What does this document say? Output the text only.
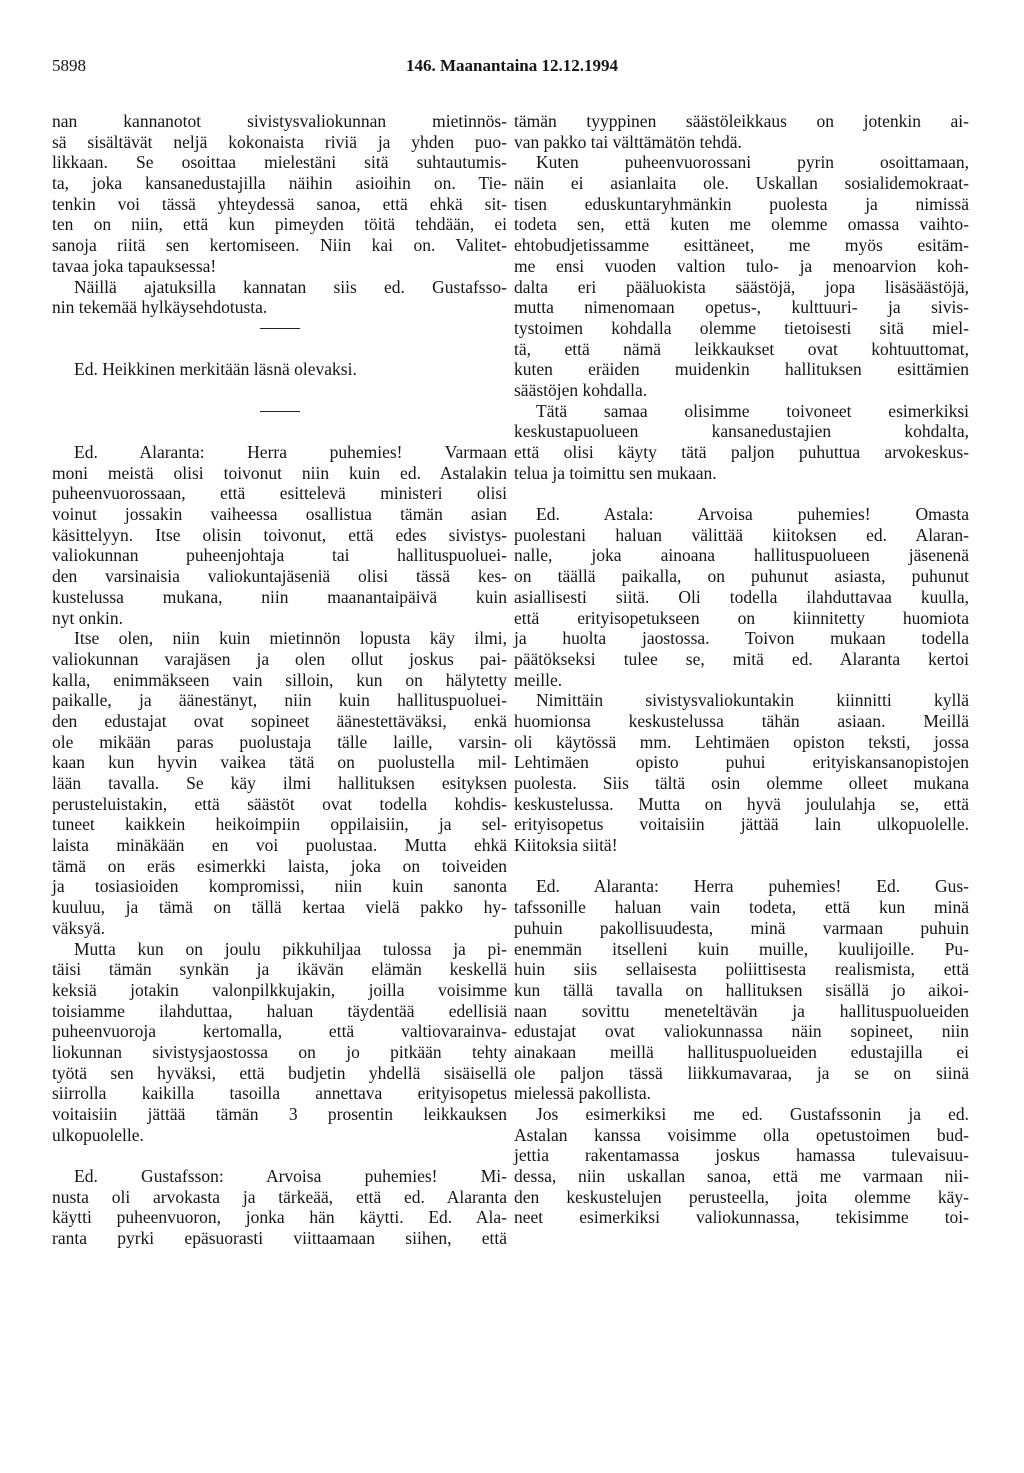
5898	146. Maanantaina 12.12.1994
nan kannanotot sivistysvaliokunnan mietinnös-
sä sisältävät neljä kokonaista riviä ja yhden puo-
likkaan. Se osoittaa mielestäni sitä suhtautumis-
ta, joka kansanedustajilla näihin asioihin on. Tie-
tenkin voi tässä yhteydessä sanoa, että ehkä sit-
ten on niin, että kun pimeyden töitä tehdään, ei
sanoja riitä sen kertomiseen. Niin kai on. Valitet-
tavaa joka tapauksessa!
Näillä ajatuksilla kannatan siis ed. Gustafsso-
nin tekemää hylkäysehdotusta.
Ed. Heikkinen merkitään läsnä olevaksi.
Ed. Alaranta: Herra puhemies! Varmaan
moni meistä olisi toivonut niin kuin ed. Astalakin
puheenvuorossaan, että esittelevä ministeri olisi
voinut jossakin vaiheessa osallistua tämän asian
käsittelyyn. Itse olisin toivonut, että edes sivistys-
valiokunnan puheenjohtaja tai hallituspuoluei-
den varsinaisia valiokuntajäseniä olisi tässä kes-
kustelussa mukana, niin maanantaipäivä kuin
nyt onkin.
Itse olen, niin kuin mietinnön lopusta käy ilmi,
valiokunnan varajäsen ja olen ollut joskus pai-
kalla, enimmäkseen vain silloin, kun on hälytetty
paikalle, ja äänestänyt, niin kuin hallituspuoluei-
den edustajat ovat sopineet äänestettäväksi, enkä
ole mikään paras puolustaja tälle laille, varsin-
kaan kun hyvin vaikea tätä on puolustella mil-
lään tavalla. Se käy ilmi hallituksen esityksen
perusteluistakin, että säästöt ovat todella kohdis-
tuneet kaikkein heikoimpiin oppilaisiin, ja sel-
laista minäkään en voi puolustaa. Mutta ehkä
tämä on eräs esimerkki laista, joka on toiveiden
ja tosiasioiden kompromissi, niin kuin sanonta
kuuluu, ja tämä on tällä kertaa vielä pakko hy-
väksyä.
Mutta kun on joulu pikkuhiljaa tulossa ja pi-
täisi tämän synkän ja ikävän elämän keskellä
keksiä jotakin valonpilkkujakin, joilla voisimme
toisiamme ilahduttaa, haluan täydentää edellisiä
puheenvuoroja kertomalla, että valtiovarainva-
liokunnan sivistysjaostossa on jo pitkään tehty
työtä sen hyväksi, että budjetin yhdellä sisäisellä
siirrolla kaikilla tasoilla annettava erityisopetus
voitaisiin jättää tämän 3 prosentin leikkauksen
ulkopuolelle.
Ed. Gustafsson: Arvoisa puhemies! Mi-
nusta oli arvokasta ja tärkeää, että ed. Alaranta
käytti puheenvuoron, jonka hän käytti. Ed. Ala-
ranta pyrki epäsuorasti viittaamaan siihen, että
tämän tyyppinen säästöleikkaus on jotenkin ai-
van pakko tai välttämätön tehdä.
Kuten puheenvuorossani pyrin osoittamaan,
näin ei asianlaita ole. Uskallan sosialidemokraat-
tisen eduskuntaryhmänkin puolesta ja nimissä
todeta sen, että kuten me olemme omassa vaihto-
ehtobudjetissamme esittäneet, me myös esitäm-
me ensi vuoden valtion tulo- ja menoarvion koh-
dalta eri pääluokista säästöjä, jopa lisäsäästöjä,
mutta nimenomaan opetus-, kulttuuri- ja sivis-
tystoimen kohdalla olemme tietoisesti sitä miel-
tä, että nämä leikkaukset ovat kohtuuttomat,
kuten eräiden muidenkin hallituksen esittämien
säästöjen kohdalla.
Tätä samaa olisimme toivoneet esimerkiksi
keskustapuolueen kansanedustajien kohdalta,
että olisi käyty tätä paljon puhuttua arvokeskus-
telua ja toimittu sen mukaan.
Ed. Astala: Arvoisa puhemies! Omasta
puolestani haluan välittää kiitoksen ed. Alaran-
nalle, joka ainoana hallituspuolueen jäsenenä
on täällä paikalla, on puhunut asiasta, puhunut
asiallisesti siitä. Oli todella ilahduttavaa kuulla,
että erityisopetukseen on kiinnitetty huomiota
ja huolta jaostossa. Toivon mukaan todella
päätökseksi tulee se, mitä ed. Alaranta kertoi
meille.
Nimittäin sivistysvaliokuntakin kiinnitti kyllä
huomionsa keskustelussa tähän asiaan. Meillä
oli käytössä mm. Lehtimäen opiston teksti, jossa
Lehtimäen opisto puhui erityiskansanopistojen
puolesta. Siis tältä osin olemme olleet mukana
keskustelussa. Mutta on hyvä joululahja se, että
erityisopetus voitaisiin jättää lain ulkopuolelle.
Kiitoksia siitä!
Ed. Alaranta: Herra puhemies! Ed. Gus-
tafssonille haluan vain todeta, että kun minä
puhuin pakollisuudesta, minä varmaan puhuin
enemmän itselleni kuin muille, kuulijoille. Pu-
huin siis sellaisesta poliittisesta realismista, että
kun tällä tavalla on hallituksen sisällä jo aikoi-
naan sovittu meneteltävän ja hallituspuolueiden
edustajat ovat valiokunnassa näin sopineet, niin
ainakaan meillä hallituspuolueiden edustajilla ei
ole paljon tässä liikkumavaraa, ja se on siinä
mielessä pakollista.
Jos esimerkiksi me ed. Gustafssonin ja ed.
Astalan kanssa voisimme olla opetustoimen bud-
jettia rakentamassa joskus hamassa tulevaisuu-
dessa, niin uskallan sanoa, että me varmaan nii-
den keskustelujen perusteella, joita olemme käy-
neet esimerkiksi valiokunnassa, tekisimme toi-
